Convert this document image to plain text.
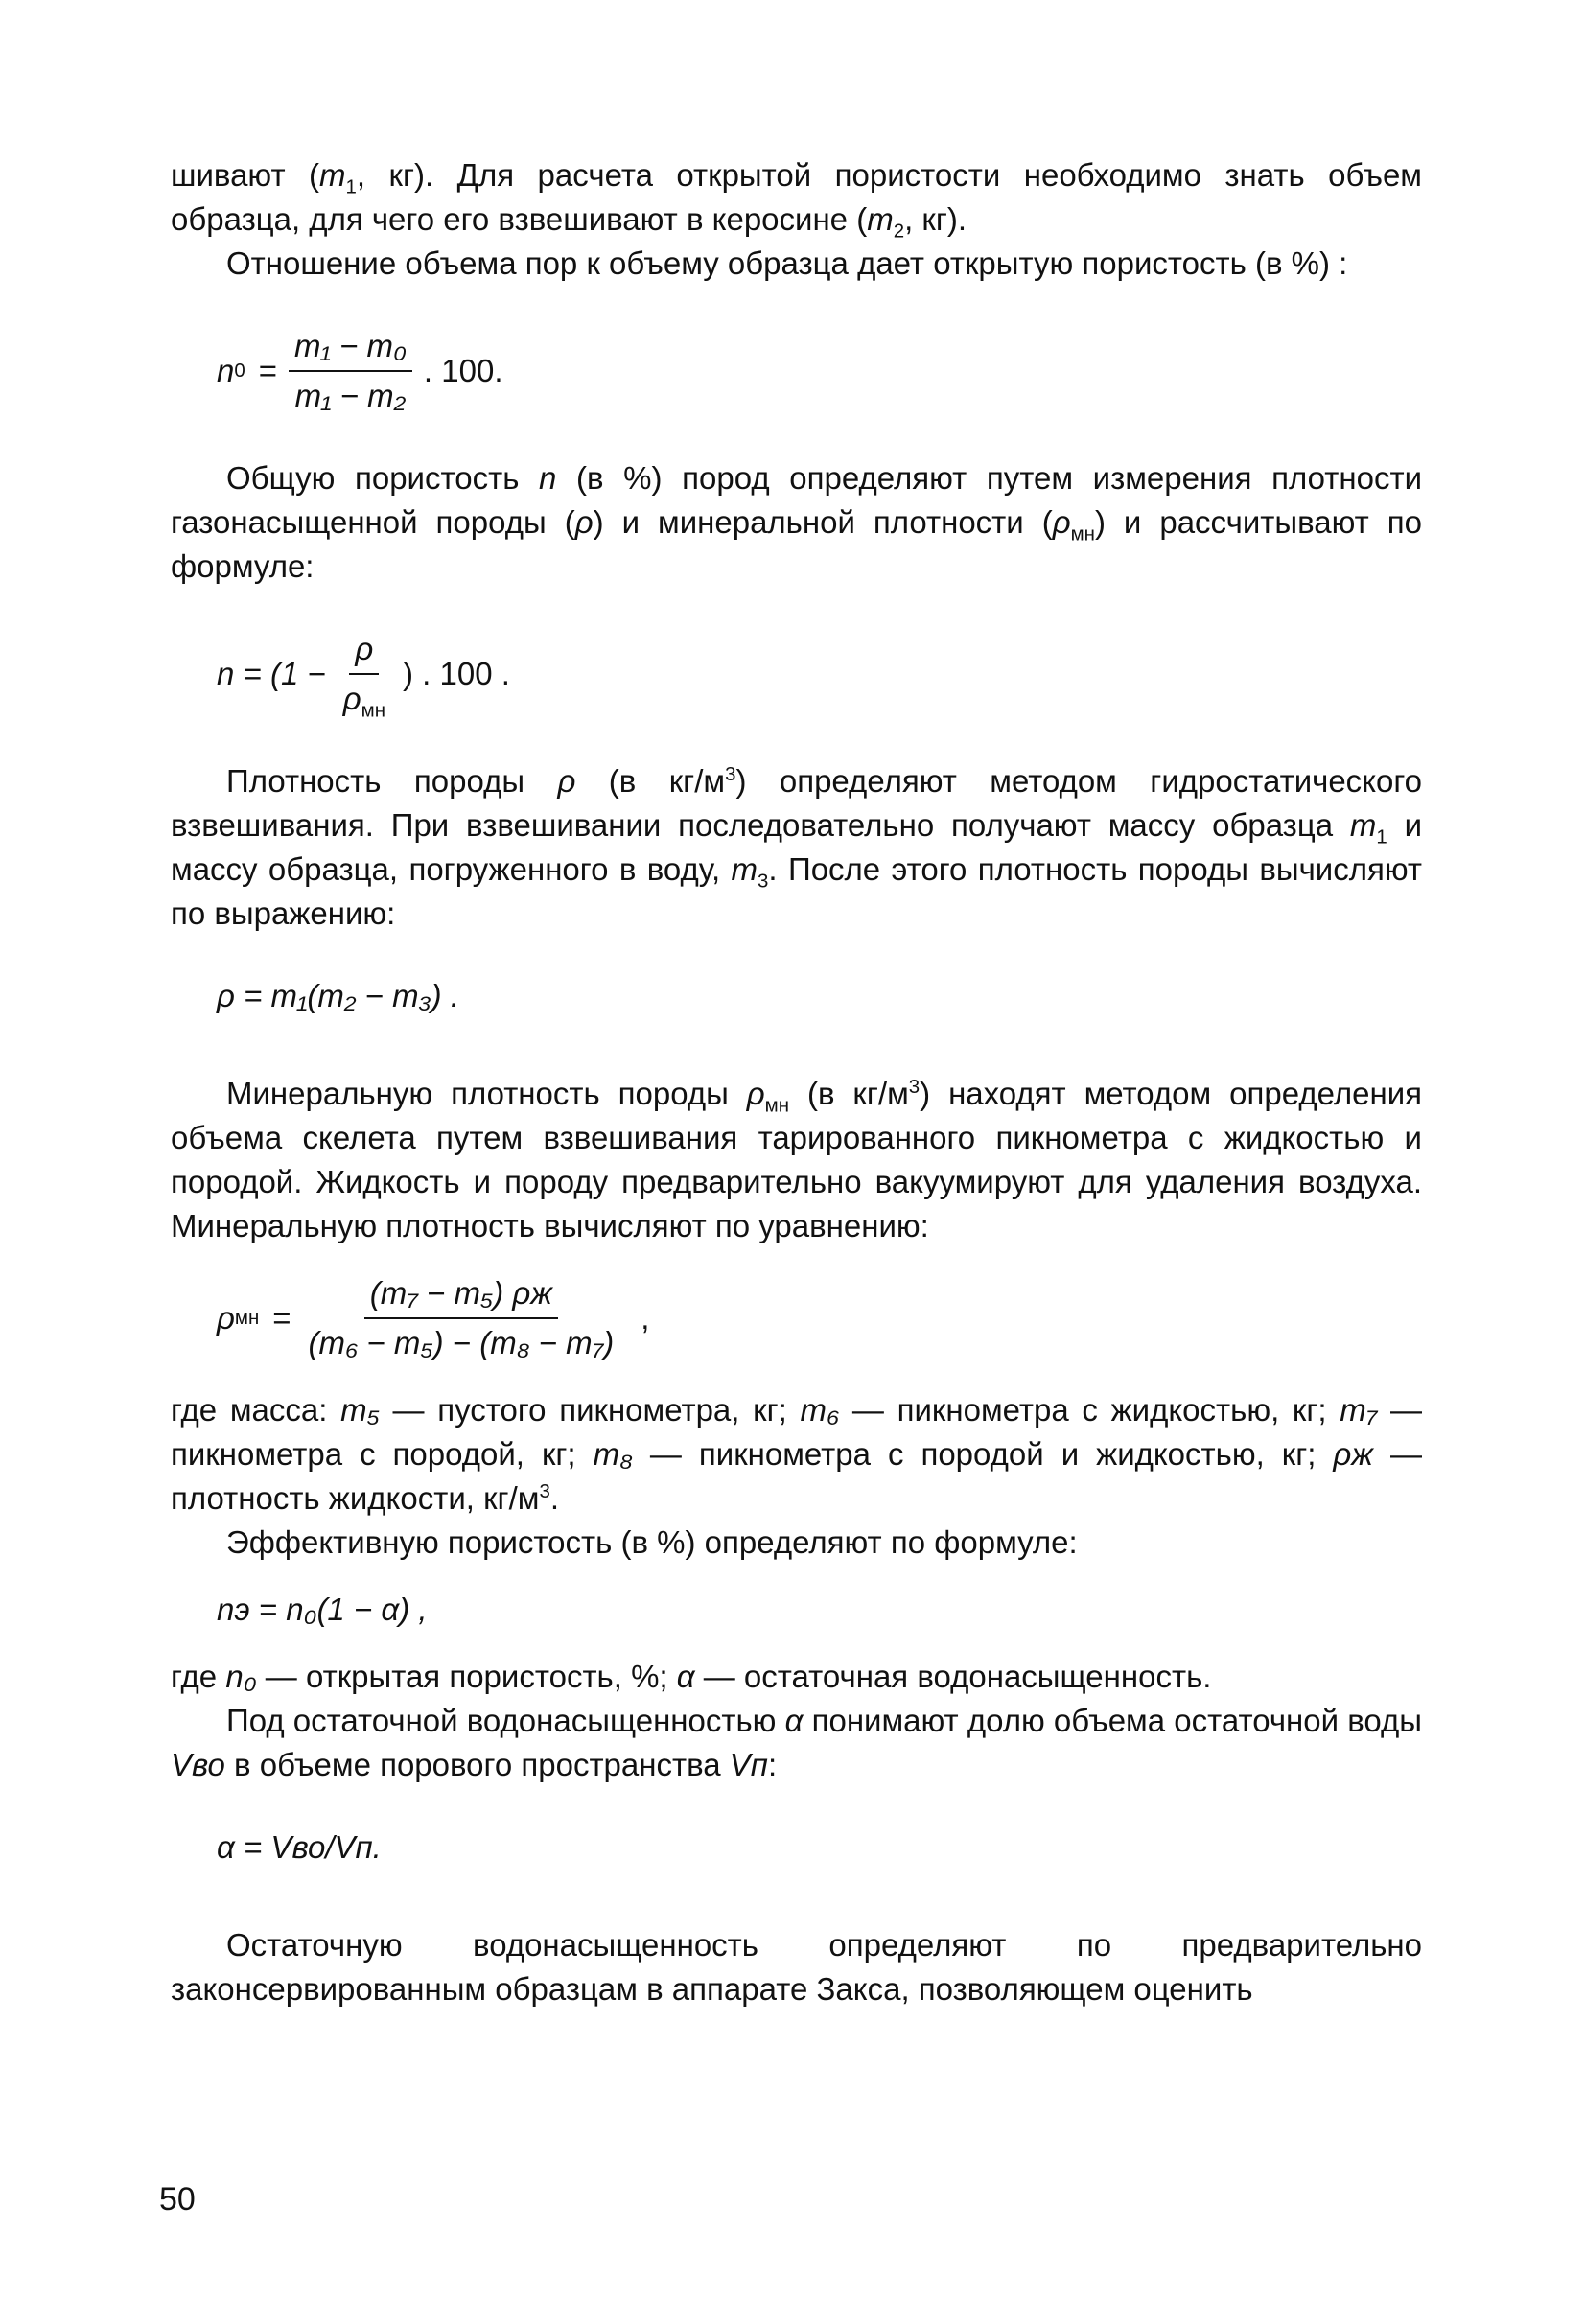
шивают ($m_1$, кг). Для расчета открытой пористости необходимо знать объем образца, для чего его взвешивают в керосине ($m_2$, кг).

Отношение объема пор к объему образца дает открытую пористость (в %) :

n $0 = \frac{\text{m₁ − m₀}}{\text{m₁ − m₂}}$ . 100.

Общую пористость n (в %) пород определяют путем измерения плотности газонасыщенной породы (ρ) и минеральной плотности $(\rho_{мн})$ и рассчитывают по формуле:

$n = (1 - \frac{\rho}{\rho_{мн}}$ ) . 100 .

Плотность породы ρ (в $кг/м^3$) определяют методом гидростатического взвешивания. При взвешивании последовательно получают массу образца $m_1$ и массу образца, погруженного в воду, $m_3$. После этого плотность породы вычисляют по выражению:

ρ = m₁(m₂ − m₃) .

Минеральную плотность породы $\rho_{мн}$ (в $кг/м^3$) находят методом определения объема скелета путем взвешивания тарированного пикнометра с жидкостью и породой. Жидкость и породу предварительно вакуумируют для удаления воздуха. Минеральную плотность вычисляют по уравнению:

ρ мн = $\frac{\text{(m₇ − m₅) ρж}}{\text{(m₆ − m₅) − (m₈ − m₇)}}$ ,

где масса: m₅ — пустого пикнометра, кг; m₆ — пикнометра с жидкостью, кг; m₇ — пикнометра с породой, кг; m₈ — пикнометра с породой и жидкостью, кг; ρж — плотность жидкости, $кг/м^3$.

Эффективную пористость (в %) определяют по формуле:

nэ = n₀(1 − α) ,

где n₀ — открытая пористость, %; α — остаточная водонасыщенность.

Под остаточной водонасыщенностью α понимают долю объема остаточной воды Vво в объеме порового пространства Vп:

α = Vво/Vп.

Остаточную водонасыщенность определяют по предварительно законсервированным образцам в аппарате Закса, позволяющем оценить

50
